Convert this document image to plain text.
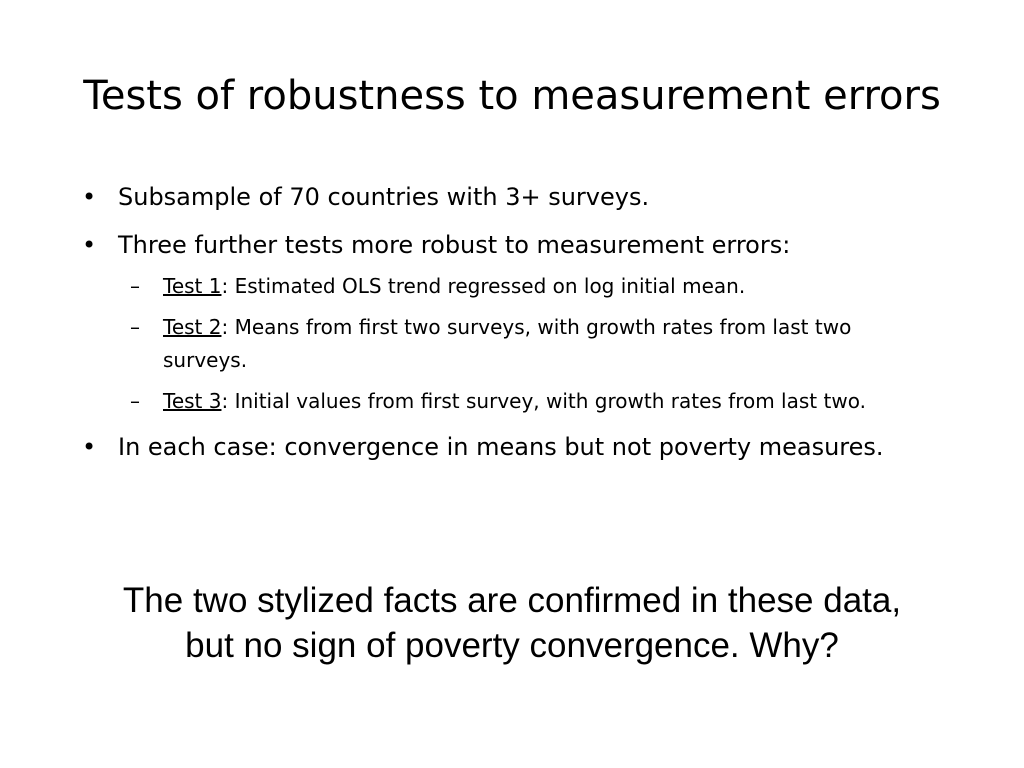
Tests of robustness to measurement errors
• Subsample of 70 countries with 3+ surveys.
• Three further tests more robust to measurement errors:
– Test 1: Estimated OLS trend regressed on log initial mean.
– Test 2: Means from first two surveys, with growth rates from last two surveys.
– Test 3: Initial values from first survey, with growth rates from last two.
• In each case: convergence in means but not poverty measures.
The two stylized facts are confirmed in these data,
but no sign of poverty convergence. Why?
